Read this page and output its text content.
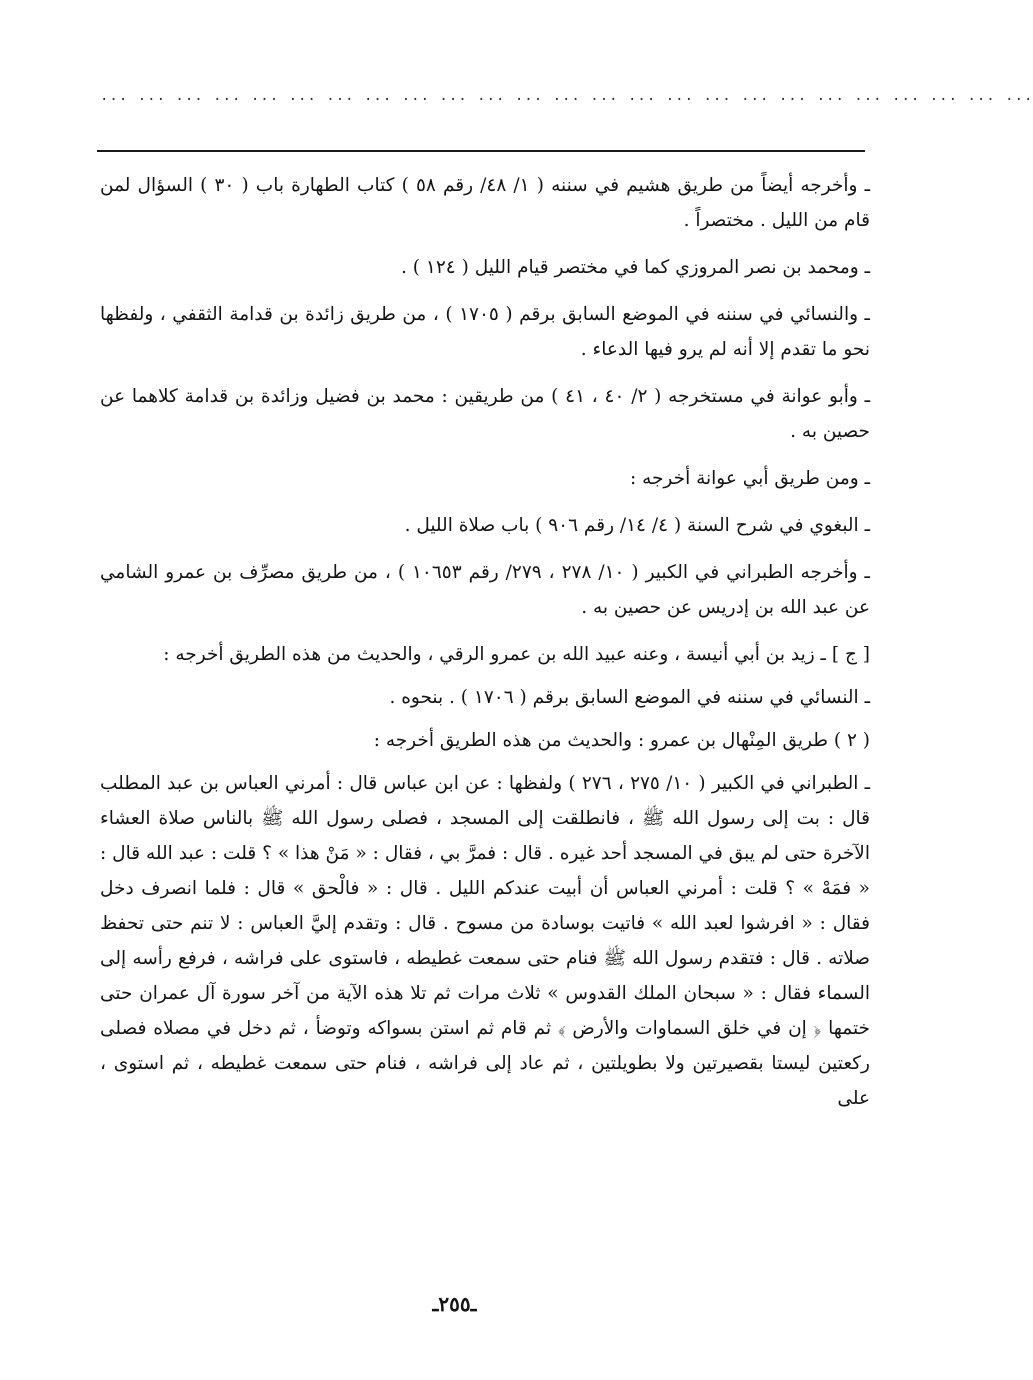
... ... ... ... ... ... ... ... ... ... ... ... ... ... ... ... ... ... ... ... ... ... ... ... ...

ـ وأخرجه أيضاً من طريق هشيم في سننه ( ١/ ٤٨/ رقم ٥٨ ) كتاب الطهارة باب ( ٣٠ ) السؤال لمن قام من الليل . مختصراً .

ـ ومحمد بن نصر المروزي كما في مختصر قيام الليل ( ١٢٤ ) .

ـ والنسائي في سننه في الموضع السابق برقم ( ١٧٠٥ ) ، من طريق زائدة بن قدامة الثقفي ، ولفظها نحو ما تقدم إلا أنه لم يرو فيها الدعاء .

ـ وأبو عوانة في مستخرجه ( ٢/ ٤٠ ، ٤١ ) من طريقين : محمد بن فضيل وزائدة بن قدامة كلاهما عن حصين به .

ـ ومن طريق أبي عوانة أخرجه :

ـ البغوي في شرح السنة ( ٤/ ١٤/ رقم ٩٠٦ ) باب صلاة الليل .

ـ وأخرجه الطبراني في الكبير ( ١٠/ ٢٧٨ ، ٢٧٩/ رقم ١٠٦٥٣ ) ، من طريق مصرِّف بن عمرو الشامي عن عبد الله بن إدريس عن حصين به .

[ ج ] ـ زيد بن أبي أنيسة ، وعنه عبيد الله بن عمرو الرقي ، والحديث من هذه الطريق أخرجه :

ـ النسائي في سننه في الموضع السابق برقم ( ١٧٠٦ ) . بنحوه .

( ٢ ) طريق المِنْهال بن عمرو : والحديث من هذه الطريق أخرجه :

ـ الطبراني في الكبير ( ١٠/ ٢٧٥ ، ٢٧٦ ) ولفظها : عن ابن عباس قال : أمرني العباس بن عبد المطلب قال : بت إلى رسول الله ﷺ ، فانطلقت إلى المسجد ، فصلى رسول الله ﷺ بالناس صلاة العشاء الآخرة حتى لم يبق في المسجد أحد غيره . قال : فمرَّ بي ، فقال : « مَنْ هذا » ؟ قلت : عبد الله قال : « فمَهْ » ؟ قلت : أمرني العباس أن أبيت عندكم الليل . قال : « فالْحق » قال : فلما انصرف دخل فقال : « افرشوا لعبد الله » فاتيت بوسادة من مسوح . قال : وتقدم إليَّ العباس : لا تنم حتى تحفظ صلاته . قال : فتقدم رسول الله ﷺ فنام حتى سمعت غطيطه ، فاستوى على فراشه ، فرفع رأسه إلى السماء فقال : « سبحان الملك القدوس » ثلاث مرات ثم تلا هذه الآية من آخر سورة آل عمران حتى ختمها ﴿ إن في خلق السماوات والأرض ﴾ ثم قام ثم استن بسواكه وتوضأ ، ثم دخل في مصلاه فصلى ركعتين ليستا بقصيرتين ولا بطويلتين ، ثم عاد إلى فراشه ، فنام حتى سمعت غطيطه ، ثم استوى ، على

ـ٢٥٥ـ
